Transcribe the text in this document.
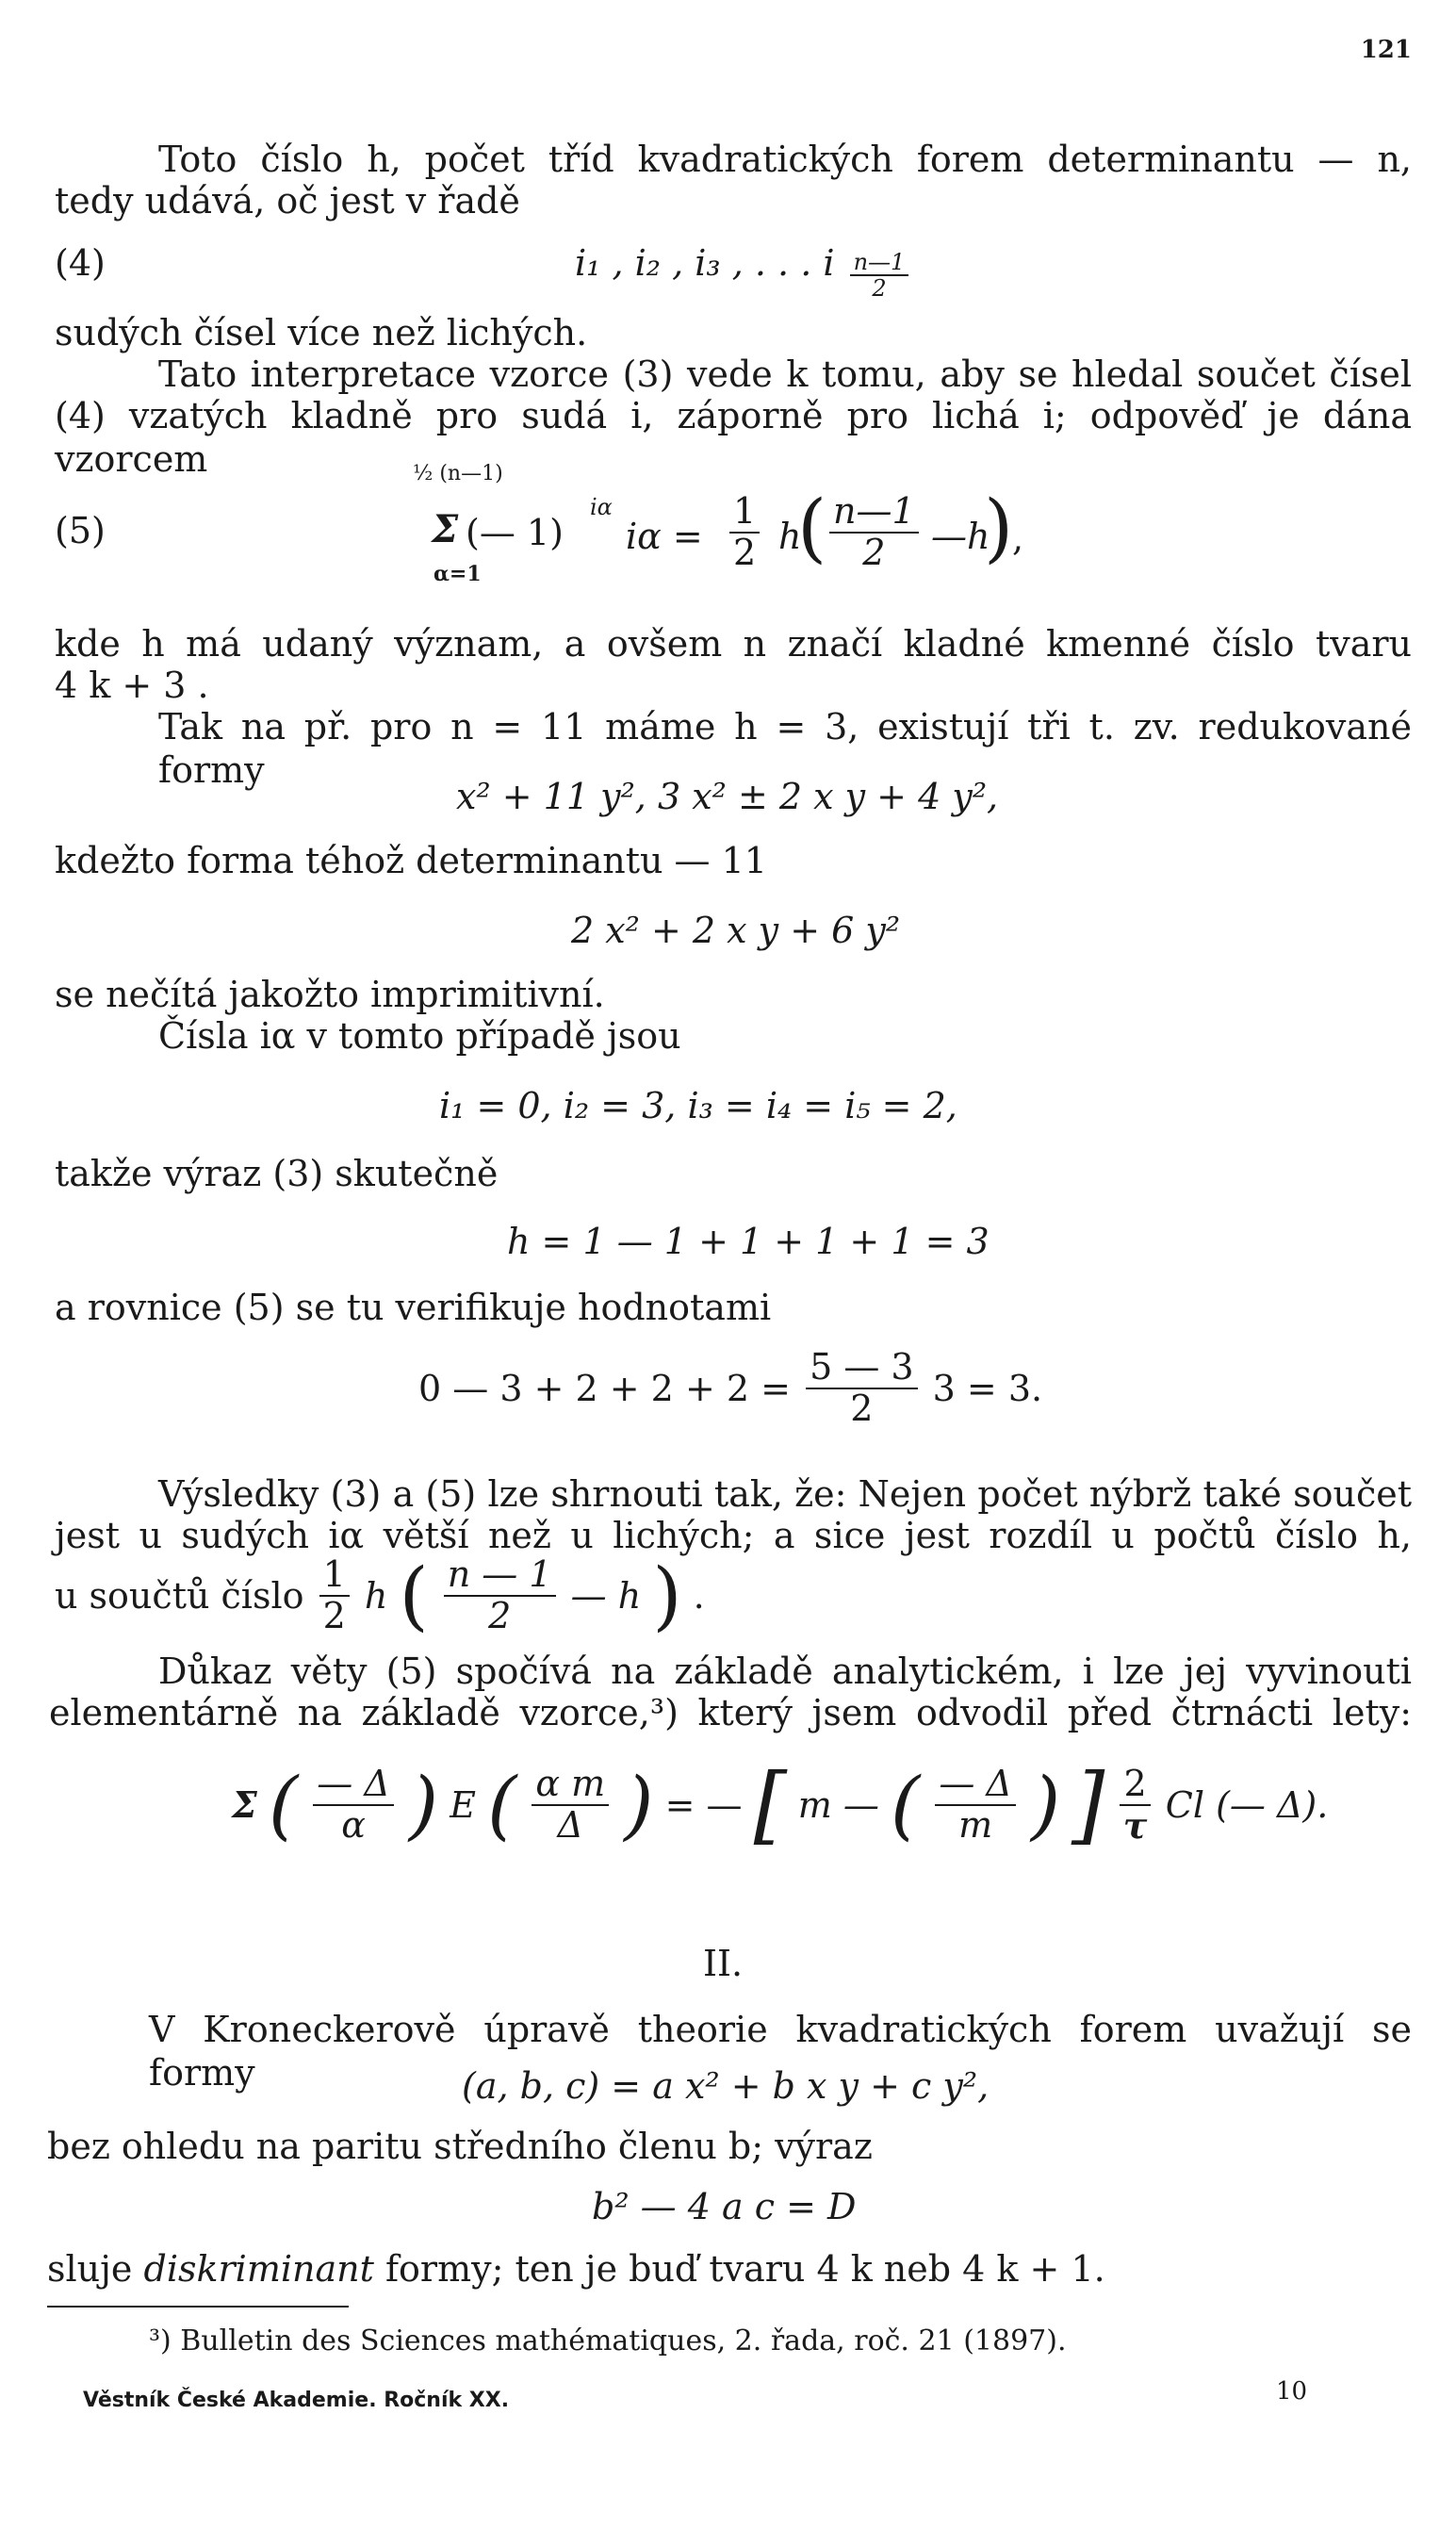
121
Toto číslo h, počet tříd kvadratických forem determinantu — n,
tedy udává, oč jest v řadě
(4)	i₁ , i₂ , i₃ , . . . i $\frac{n—1}{2}$
sudých čísel více než lichých.
Tato interpretace vzorce (3) vede k tomu, aby se hledal součet čísel
(4) vzatých kladně pro sudá i, záporně pro lichá i; odpověď je dána vzorcem
(5)
½ (n—1)
Σ
α=1
(— 1)
iα
$i\alpha = \frac{1}{2}$ h
( $\frac{n—1}{2}$ —h
)
,
kde h má udaný význam, a ovšem n značí kladné kmenné číslo tvaru
4 k + 3 .
Tak na př. pro n = 11 máme h = 3, existují tři t. zv. redukované formy
x² + 11 y², 3 x² ± 2 x y + 4 y²,
kdežto forma téhož determinantu — 11
2 x² + 2 x y + 6 y²
se nečítá jakožto imprimitivní.
Čísla iα v tomto případě jsou
i₁ = 0, i₂ = 3, i₃ = i₄ = i₅ = 2,
takže výraz (3) skutečně
h = 1 — 1 + 1 + 1 + 1 = 3
a rovnice (5) se tu verifikuje hodnotami
0 — $3 + 2 + 2 + 2 = \frac{5 — 3}{2} 3 = 3$.
Výsledky (3) a (5) lze shrnouti tak, že: Nejen počet nýbrž také součet
jest u sudých iα větší než u lichých; a sice jest rozdíl u počtů číslo h,
u součtů číslo $\frac{1}{2}$ h ( $\frac{n — 1}{2}$ — h ) .
Důkaz věty (5) spočívá na základě analytickém, i lze jej vyvinouti
elementárně na základě vzorce,³) který jsem odvodil před čtrnácti lety:
Σ ( $\frac{— \Delta}{\alpha}$ ) E ( $\frac{\text{α m}}{\Delta}$ ) = — [ m — ( $\frac{— \Delta}{m}$ ) ] $\frac{2}{\tau}$ Cl (— Δ).
II.
V Kroneckerově úpravě theorie kvadratických forem uvažují se formy	(a, b, c) = a x² + b x y + c y²,
bez ohledu na paritu středního členu b; výraz
b² — 4 a c = D
sluje diskriminant formy; ten je buď tvaru 4 k neb 4 k + 1.
³) Bulletin des Sciences mathématiques, 2. řada, roč. 21 (1897).
Věstník České Akademie. Ročník XX.	10
